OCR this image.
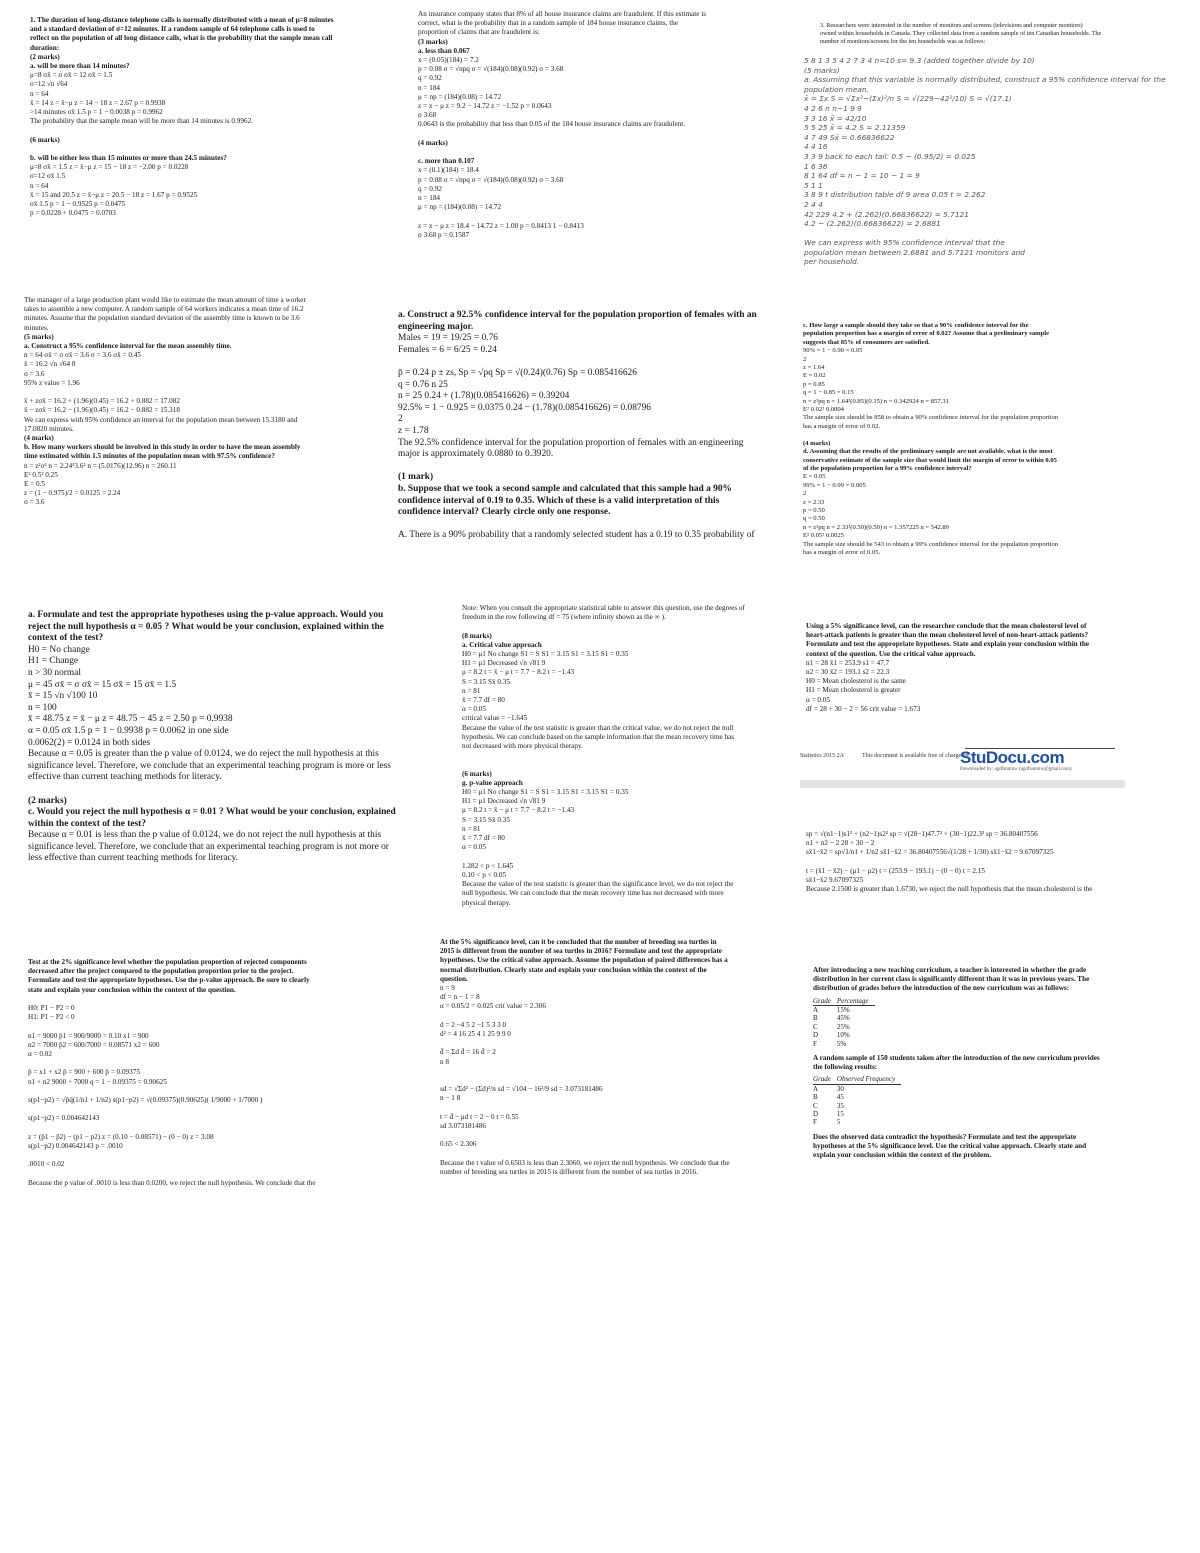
1. The duration of long-distance telephone calls is normally distributed with a mean of μ=8 minutes
and a standard deviation of σ=12 minutes. If a random sample of 64 telephone calls is used to
reflect on the population of all long distance calls, what is the probability that the sample mean call
duration:
(2 marks)
a. will be more than 14 minutes?
μ=8 σx̄ = σ σx̄ = 12 σx̄ = 1.5
σ=12 √n √64
n = 64
x̄ = 14 z = x̄−μ z = 14 − 18 z = 2.67 p = 0.9938
>14 minutes σx̄ 1.5 p = 1 − 0.0038 p = 0.9962
The probability that the sample mean will be more than 14 minutes is 0.9962.

(6 marks)

b. will be either less than 15 minutes or more than 24.5 minutes?
μ=8 σx̄ = 1.5 z = x̄−μ z = 15 − 18 z = −2.00 p = 0.0228
σ=12 σx̄ 1.5
n = 64
x̄ = 15 and 20.5 z = x̄−μ z = 20.5 − 18 z = 1.67 p = 0.9525
σx̄ 1.5 p = 1 − 0.9525 p = 0.0475
p = 0.0228 + 0.0475 = 0.0703
The manager of a large production plant would like to estimate the mean amount of time a worker
takes to assemble a new computer. A random sample of 64 workers indicates a mean time of 16.2
minutes. Assume that the population standard deviation of the assembly time is known to be 3.6
minutes.
(5 marks)
a. Construct a 95% confidence interval for the mean assembly time.
n = 64 σx̄ = σ σx̄ = 3.6 σ = 3.6 σx̄ = 0.45
x̄ = 16.2 √n √64 8
σ = 3.6
95% z value = 1.96

x̄ + zσx̄ = 16.2 + (1.96)(0.45) = 16.2 + 0.882 = 17.082
x̄ − zσx̄ = 16.2 − (1.96)(0.45) = 16.2 − 0.882 = 15.318
We can express with 95% confidence an interval for the population mean between 15.3180 and
17.0820 minutes.
(4 marks)
b. How many workers should be involved in this study in order to have the mean assembly
time estimated within 1.5 minutes of the population mean with 97.5% confidence?
n = z²σ² n = 2.24²3.6² n = (5.0176)(12.96) n = 260.11
E² 0.5² 0.25
E = 0.5
z = (1 − 0.975)/2 = 0.0125 = 2.24
σ = 3.6
a. Formulate and test the appropriate hypotheses using the p-value approach. Would you
reject the null hypothesis α = 0.05 ? What would be your conclusion, explained within the
context of the test?
H0 = No change
H1 = Change
n > 30 normal
μ = 45 σx̄ = σ σx̄ = 15 σx̄ = 15 σx̄ = 1.5
x̄ = 15 √n √100 10
n = 100
x̄ = 48.75 z = x̄ − μ z = 48.75 − 45 z = 2.50 p = 0.9938
α = 0.05 σx̄ 1.5 p = 1 − 0.9938 p = 0.0062 in one side
0.0062(2) = 0.0124 in both sides
Because α = 0.05 is greater than the p value of 0.0124, we do reject the null hypothesis at this
significance level. Therefore, we conclude that an experimental teaching program is more or less
effective than current teaching methods for literacy.

(2 marks)
c. Would you reject the null hypothesis α = 0.01 ? What would be your conclusion, explained
within the context of the test?
Because α = 0.01 is less than the p value of 0.0124, we do not reject the null hypothesis at this
significance level. Therefore, we conclude that an experimental teaching program is not more or
less effective than current teaching methods for literacy.
Test at the 2% significance level whether the population proportion of rejected components
decreased after the project compared to the population proportion prior to the project.
Formulate and test the appropriate hypotheses. Use the p-value approach. Be sure to clearly
state and explain your conclusion within the context of the question.

H0: P1 − P2 = 0
H1: P1 − P2 < 0

n1 = 9000 p̄1 = 900/9000 = 0.10 x1 = 900
n2 = 7000 p̄2 = 600/7000 = 0.08571 x2 = 600
α = 0.02

p̄ = x1 + x2 p̄ = 900 + 600 p̄ = 0.09375
n1 + n2 9000 + 7000 q = 1 − 0.09375 = 0.90625

s(p1−p2) = √p̄q̄(1/n1 + 1/n2) s(p1−p2) = √(0.09375)(0.90625)( 1/9000 + 1/7000 )

s(p1−p2) = 0.004642143

z = (p̄1 − p̄2) − (p1 − p2) z = (0.10 − 0.08571) − (0 − 0) z = 3.08
s(p1−p2) 0.004642143 p = .0010

.0010 < 0.02

Because the p value of .0010 is less than 0.0200, we reject the null hypothesis. We conclude that the
An insurance company states that 8% of all house insurance claims are fraudulent. If this estimate is
correct, what is the probability that in a random sample of 184 house insurance claims, the
proportion of claims that are fraudulent is:
(3 marks)
a. less than 0.067
x = (0.05)(184) = 7.2
p = 0.08 σ = √npq σ = √(184)(0.08)(0.92) σ = 3.68
q = 0.92
n = 184
μ = np = (184)(0.08) = 14.72
z = x − μ z = 9.2 − 14.72 z = −1.52 p = 0.0643
σ 3.68
0.0643 is the probability that less than 0.05 of the 184 house insurance claims are fraudulent.

(4 marks)

c. more than 0.107
x = (0.1)(184) = 18.4
p = 0.08 σ = √npq σ = √(184)(0.08)(0.92) σ = 3.68
q = 0.92
n = 184
μ = np = (184)(0.08) = 14.72

z = x − μ z = 18.4 − 14.72 z = 1.00 p = 0.8413 1 − 0.8413
σ 3.68 p = 0.1587
a. Construct a 92.5% confidence interval for the population proportion of females with an
engineering major.
Males = 19 = 19/25 = 0.76
Females = 6 = 6/25 = 0.24

p̄ = 0.24 p ± zs, Sp = √pq Sp = √(0.24)(0.76) Sp = 0.085416626
q = 0.76 n 25
n = 25 0.24 + (1.78)(0.085416626) = 0.39204
92.5% = 1 − 0.925 = 0.0375 0.24 − (1.78)(0.085416626) = 0.08796
2
z = 1.78
The 92.5% confidence interval for the population proportion of females with an engineering
major is approximately 0.0880 to 0.3920.

(1 mark)
b. Suppose that we took a second sample and calculated that this sample had a 90%
confidence interval of 0.19 to 0.35. Which of these is a valid interpretation of this
confidence interval? Clearly circle only one response.

A. There is a 90% probability that a randomly selected student has a 0.19 to 0.35 probability of
Note: When you consult the appropriate statistical table to answer this question, use the degrees of
freedom in the row following df = 75 (where infinity shown as the ∞ ).

(8 marks)
a. Critical value approach
H0 = μ1 No change S1 = S S1 = 3.15 S1 = 3.15 S1 = 0.35
H1 = μ1 Decreased √n √81 9
μ = 8.2 t = x̄ − μ t = 7.7 − 8.2 t = −1.43
S = 3.15 Sx̄ 0.35
n = 81
x̄ = 7.7 df = 80
α = 0.05
critical value = −1.645
Because the value of the test statistic is greater than the critical value, we do not reject the null
hypothesis. We can conclude based on the sample information that the mean recovery time has
not decreased with more physical therapy.

(6 marks)
g. p-value approach
H0 = μ1 No change S1 = S S1 = 3.15 S1 = 3.15 S1 = 0.35
H1 = μ1 Decreased √n √81 9
μ = 8.2 t = x̄ − μ t = 7.7 − 8.2 t = −1.43
S = 3.15 Sx̄ 0.35
n = 81
x̄ = 7.7 df = 80
α = 0.05

1.282 < p < 1.645
0.10 < p < 0.05
Because the value of the test statistic is greater than the significance level, we do not reject the
null hypothesis. We can conclude that the mean recovery time has not decreased with more
physical therapy.
At the 5% significance level, can it be concluded that the number of breeding sea turtles in
2015 is different from the number of sea turtles in 2016? Formulate and test the appropriate
hypotheses. Use the critical value approach. Assume the population of paired differences has a
normal distribution. Clearly state and explain your conclusion within the context of the
question.
n = 9
df = n − 1 = 8
α = 0.05/2 = 0.025 crit value = 2.306

d = 2 −4 5 2 −1 5 3 3 0
d² = 4 16 25 4 1 25 9 9 0

d̄ = Σd d̄ = 16 d̄ = 2
n 8

sd = √Σd² − (Σd)²/n sd = √104 − 16²/9 sd = 3.073181486
n − 1 8

t = d̄ − μd t = 2 − 0 t = 0.55
sd 3.073181486

0.65 < 2.306

Because the t value of 0.6503 is less than 2.3060, we reject the null hypothesis. We conclude that the
number of breeding sea turtles in 2015 is different from the number of sea turtles in 2016.
3. Researchers were interested in the number of monitors and screens (televisions and computer monitors)
owned within households in Canada. They collected data from a random sample of ten Canadian households. The
number of monitors/screens for the ten households was as follows:
5 8 1 3 5 4 2 7 3 4 n=10 s= 9.3 (added together divide by 10)
(5 marks)
a. Assuming that this variable is normally distributed, construct a 95% confidence interval for the
population mean.
x̄ = Σx S = √Σx²−(Σx)²/n S = √(229−42²/10) S = √(17.1)
4 2 6 n n−1 9 9
3 3 16 x̄ = 42/10
5 5 25 x̄ = 4.2 S = 2.11359
4 7 49 Sx̄ = 0.66836622
4 4 16
3 3 9 back to each tail: 0.5 − (0.95/2) = 0.025
1 6 36
8 1 64 df = n − 1 = 10 − 1 = 9
5 1 1
3 8 9 t distribution table df 9 area 0.05 t = 2.262
2 4 4
42 229 4.2 + (2.262)(0.66836622) = 5.7121
4.2 − (2.262)(0.66836622) = 2.6881

We can express with 95% confidence interval that the
population mean between 2.6881 and 5.7121 monitors and
per household.
c. How large a sample should they take so that a 90% confidence interval for the
population proportion has a margin of error of 0.02? Assume that a preliminary sample
suggests that 85% of consumers are satisfied.
90% = 1 − 0.90 = 0.05
2
z = 1.64
E = 0.02
p = 0.85
q = 1 − 0.85 = 0.15
n = z²pq n = 1.64²(0.85)(0.15) n = 0.342924 n = 857.31
E² 0.02² 0.0004
The sample size should be 858 to obtain a 90% confidence interval for the population proportion
has a margin of error of 0.02.

(4 marks)
d. Assuming that the results of the preliminary sample are not available, what is the most
conservative estimate of the sample size that would limit the margin of error to within 0.05
of the population proportion for a 99% confidence interval?
E = 0.05
99% = 1 − 0.99 = 0.005
2
z = 2.33
p = 0.50
q = 0.50
n = z²pq n = 2.33²(0.50)(0.50) n = 1.357225 n = 542.89
E² 0.05² 0.0025
The sample size should be 543 to obtain a 99% confidence interval for the population proportion
has a margin of error of 0.05.
Using a 5% significance level, can the researcher conclude that the mean cholesterol level of
heart-attack patients is greater than the mean cholesterol level of non-heart-attack patients?
Formulate and test the appropriate hypotheses. State and explain your conclusion within the
context of the question. Use the critical value approach.
n1 = 28 x̄1 = 253.9 s1 = 47.7
n2 = 30 x̄2 = 193.1 s2 = 22.3
H0 = Mean cholesterol is the same
H1 = Mean cholesterol is greater
α = 0.05
df = 28 + 30 − 2 = 56 crit value = 1.673
Statistics 2015 2A	This document is available free of charge on
StuDocu.com
Downloaded by: agdfsnnmw (agdfsnnmw@gmail.com)
sp = √(n1−1)s1² + (n2−1)s2² sp = √(28−1)47.7² + (30−1)22.3² sp = 36.80407556
n1 + n2 − 2 28 + 30 − 2
sx̄1−x̄2 = sp√1/n1 + 1/n2 sx̄1−x̄2 = 36.80407556√(1/28 + 1/30) sx̄1−x̄2 = 9.67097325

t = (x̄1 − x̄2) − (μ1 − μ2) t = (253.9 − 193.1) − (0 − 0) t = 2.15
sx̄1−x̄2 9.67097325
Because 2.1500 is greater than 1.6730, we reject the null hypothesis that the mean cholesterol is the
After introducing a new teaching curriculum, a teacher is interested in whether the grade
distribution in her current class is significantly different than it was in previous years. The
distribution of grades before the introduction of the new curriculum was as follows:
Grade	Percentage
A	15%
B	45%
C	25%
D	10%
F	5%
A random sample of 150 students taken after the introduction of the new curriculum provides
the following results:
Grade	Observed Frequency
A	30
B	45
C	35
D	15
F	5
Does the observed data contradict the hypothesis? Formulate and test the appropriate
hypotheses at the 5% significance level. Use the critical value approach. Clearly state and
explain your conclusion within the context of the problem.
